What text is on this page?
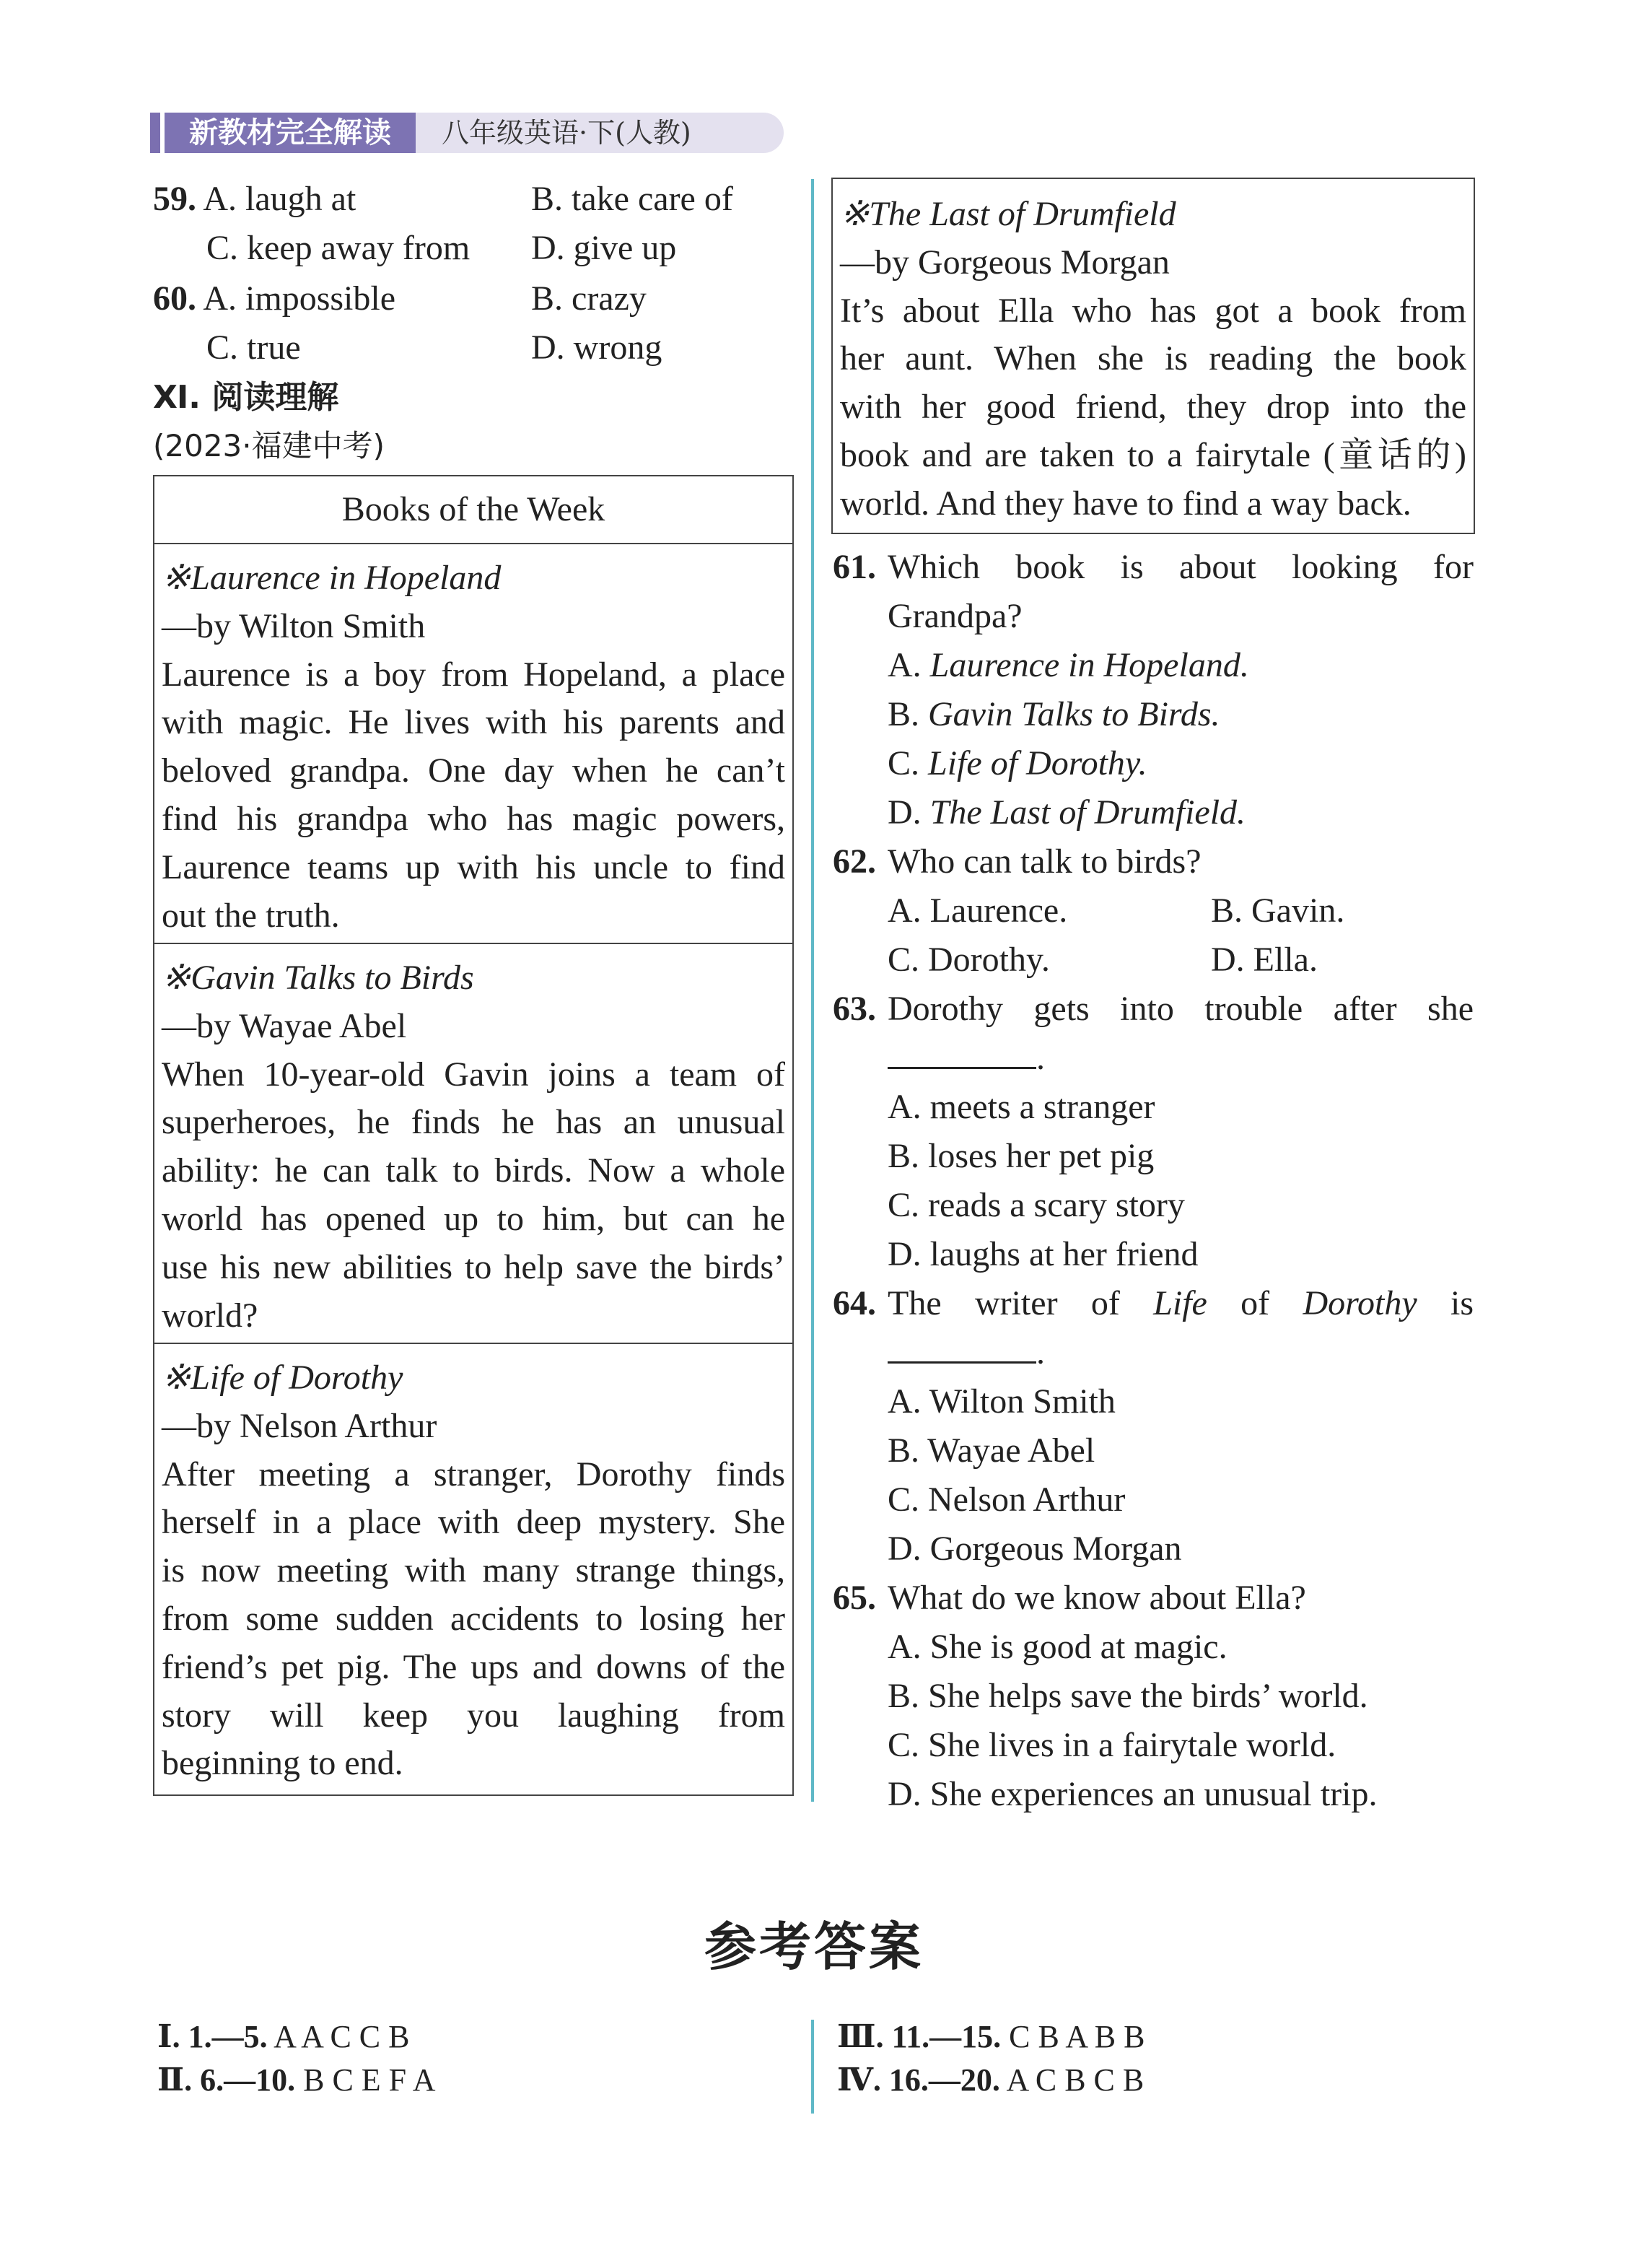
八年级英语·下(人教)
新教材完全解读
59. A. laugh at	B. take care of
C. keep away from D. give up
60. A. impossible	B. crazy
C. true	D. wrong
Ⅺ. 阅读理解
(2023·福建中考)

Books of the Week

※Laurence in Hopeland

—by Wilton Smith

Laurence is a boy from Hopeland, a place

with magic. He lives with his parents and

beloved grandpa. One day when he can’t

find his grandpa who has magic powers,

Laurence teams up with his uncle to find

out the truth.

※Gavin Talks to Birds

—by Wayae Abel

When 10-year-old Gavin joins a team of

superheroes, he finds he has an unusual

ability: he can talk to birds. Now a whole

world has opened up to him, but can he

use his new abilities to help save the birds’

world?

※Life of Dorothy

—by Nelson Arthur

After meeting a stranger, Dorothy finds

herself in a place with deep mystery. She

is now meeting with many strange things,

from some sudden accidents to losing her

friend’s pet pig. The ups and downs of the

story will keep you laughing from

beginning to end.

※The Last of Drumfield

—by Gorgeous Morgan

It’s about Ella who has got a book from

her aunt. When she is reading the book

with her good friend, they drop into the

book and are taken to a fairytale (童话的)

world. And they have to find a way back.

61. Which book is about looking for
Grandpa?
A. Laurence in Hopeland.
B. Gavin Talks to Birds.
C. Life of Dorothy.
D. The Last of Drumfield.
62. Who can talk to birds?
A. Laurence.	B. Gavin.
C. Dorothy.	D. Ella.
63. Dorothy gets into trouble after she
.
A. meets a stranger
B. loses her pet pig
C. reads a scary story
D. laughs at her friend
64. The writer of Life of Dorothy is
.
A. Wilton Smith
B. Wayae Abel
C. Nelson Arthur
D. Gorgeous Morgan
65. What do we know about Ella?
A. She is good at magic.
B. She helps save the birds’ world.
C. She lives in a fairytale world.
D. She experiences an unusual trip.
参考答案
Ⅰ. 1.—5. A A C C B
Ⅱ. 6.—10. B C E F A
Ⅲ. 11.—15. C B A B B
Ⅳ. 16.—20. A C B C B
